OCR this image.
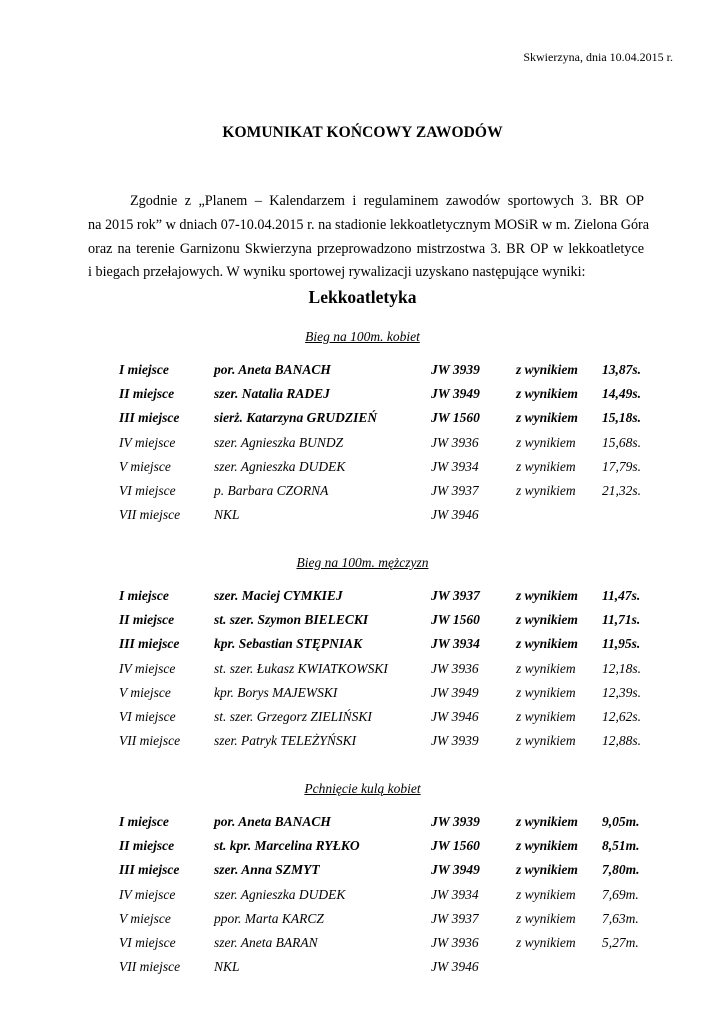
Skwierzyna, dnia 10.04.2015 r.
KOMUNIKAT KOŃCOWY ZAWODÓW
Zgodnie z „Planem – Kalendarzem i regulaminem zawodów sportowych 3. BR OP
na 2015 rok” w dniach 07-10.04.2015 r. na stadionie lekkoatletycznym MOSiR w m. Zielona Góra
oraz na terenie Garnizonu Skwierzyna przeprowadzono mistrzostwa 3. BR OP w lekkoatletyce
i biegach przełajowych. W wyniku sportowej rywalizacji uzyskano następujące wyniki:
Lekkoatletyka
Bieg na 100m. kobiet
I miejsce	por. Aneta BANACH	JW 3939	z wynikiem 13,87s.
II miejsce	szer. Natalia RADEJ	JW 3949	z wynikiem 14,49s.
III miejsce	sierż. Katarzyna GRUDZIEŃ	JW 1560	z wynikiem 15,18s.
IV miejsce	szer. Agnieszka BUNDZ	JW 3936	z wynikiem 15,68s.
V miejsce	szer. Agnieszka DUDEK	JW 3934	z wynikiem 17,79s.
VI miejsce	p. Barbara CZORNA	JW 3937	z wynikiem 21,32s.
VII miejsce	NKL	JW 3946
Bieg na 100m. mężczyzn
I miejsce	szer. Maciej CYMKIEJ	JW 3937	z wynikiem 11,47s.
II miejsce	st. szer. Szymon BIELECKI	JW 1560	z wynikiem 11,71s.
III miejsce	kpr. Sebastian STĘPNIAK	JW 3934	z wynikiem 11,95s.
IV miejsce	st. szer. Łukasz KWIATKOWSKI	JW 3936	z wynikiem 12,18s.
V miejsce	kpr. Borys MAJEWSKI	JW 3949	z wynikiem 12,39s.
VI miejsce	st. szer. Grzegorz ZIELIŃSKI	JW 3946	z wynikiem 12,62s.
VII miejsce	szer. Patryk TELEŻYŃSKI	JW 3939	z wynikiem 12,88s.
Pchnięcie kulą kobiet
I miejsce	por. Aneta BANACH	JW 3939	z wynikiem 9,05m.
II miejsce	st. kpr. Marcelina RYŁKO	JW 1560	z wynikiem 8,51m.
III miejsce	szer. Anna SZMYT	JW 3949	z wynikiem 7,80m.
IV miejsce	szer. Agnieszka DUDEK	JW 3934	z wynikiem 7,69m.
V miejsce	ppor. Marta KARCZ	JW 3937	z wynikiem 7,63m.
VI miejsce	szer. Aneta BARAN	JW 3936	z wynikiem 5,27m.
VII miejsce	NKL	JW 3946
